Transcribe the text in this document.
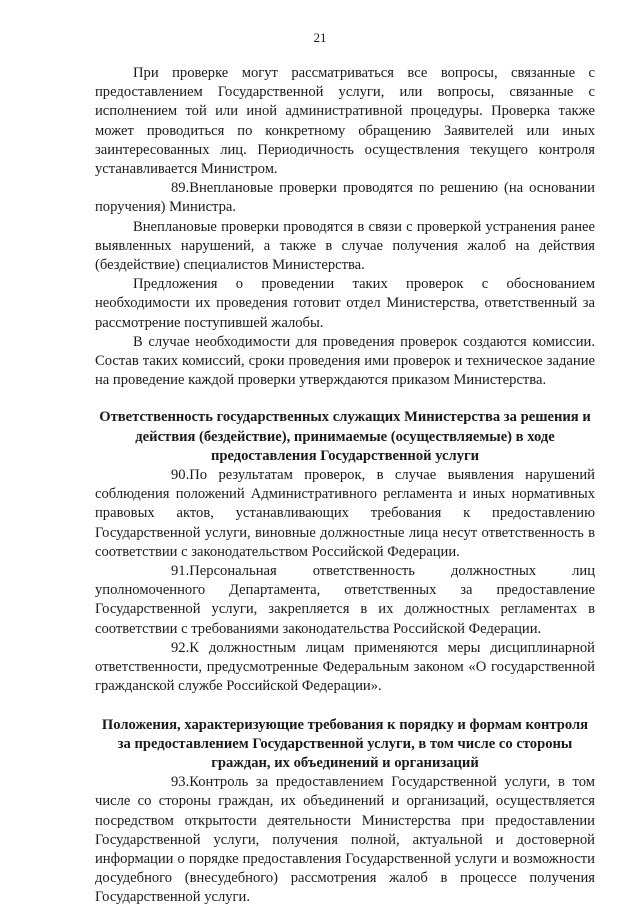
21

При проверке могут рассматриваться все вопросы, связанные с предоставлением Государственной услуги, или вопросы, связанные с исполнением той или иной административной процедуры. Проверка также может проводиться по конкретному обращению Заявителей или иных заинтересованных лиц. Периодичность осуществления текущего контроля устанавливается Министром.

89.Внеплановые проверки проводятся по решению (на основании поручения) Министра.

Внеплановые проверки проводятся в связи с проверкой устранения ранее выявленных нарушений, а также в случае получения жалоб на действия (бездействие) специалистов Министерства.

Предложения о проведении таких проверок с обоснованием необходимости их проведения готовит отдел Министерства, ответственный за рассмотрение поступившей жалобы.

В случае необходимости для проведения проверок создаются комиссии. Состав таких комиссий, сроки проведения ими проверок и техническое задание на проведение каждой проверки утверждаются приказом Министерства.

Ответственность государственных служащих Министерства за решения и действия (бездействие), принимаемые (осуществляемые) в ходе предоставления Государственной услуги

90.По результатам проверок, в случае выявления нарушений соблюдения положений Административного регламента и иных нормативных правовых актов, устанавливающих требования к предоставлению Государственной услуги, виновные должностные лица несут ответственность в соответствии с законодательством Российской Федерации.

91.Персональная ответственность должностных лиц уполномоченного Департамента, ответственных за предоставление Государственной услуги, закрепляется в их должностных регламентах в соответствии с требованиями законодательства Российской Федерации.

92.К должностным лицам применяются меры дисциплинарной ответственности, предусмотренные Федеральным законом «О государственной гражданской службе Российской Федерации».

Положения, характеризующие требования к порядку и формам контроля за предоставлением Государственной услуги, в том числе со стороны граждан, их объединений и организаций

93.Контроль за предоставлением Государственной услуги, в том числе со стороны граждан, их объединений и организаций, осуществляется посредством открытости деятельности Министерства при предоставлении Государственной услуги, получения полной, актуальной и достоверной информации о порядке предоставления Государственной услуги и возможности досудебного (внесудебного) рассмотрения жалоб в процессе получения Государственной услуги.
